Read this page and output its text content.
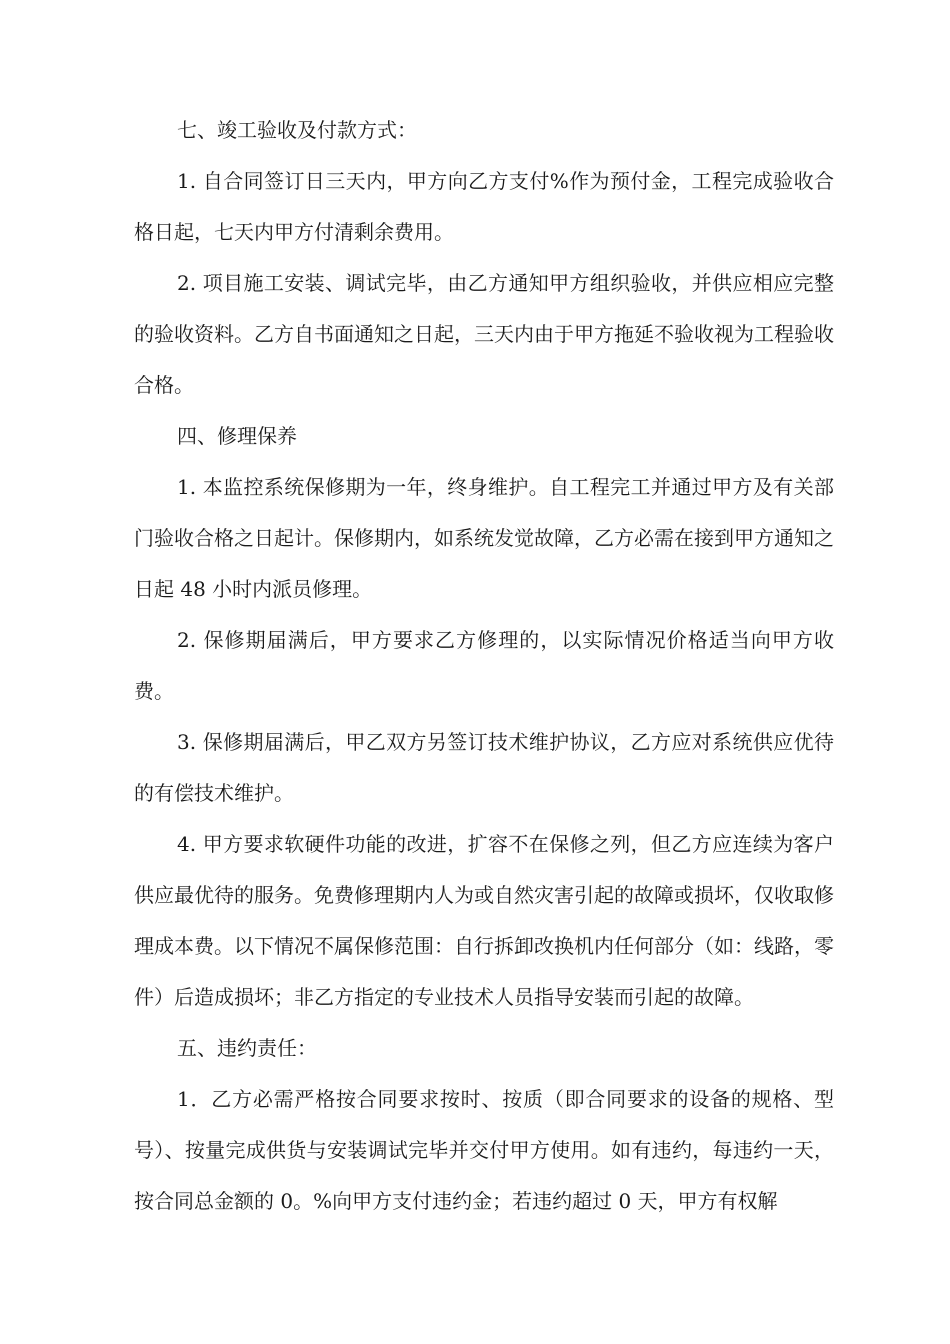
七、竣工验收及付款方式：

1. 自合同签订日三天内，甲方向乙方支付%作为预付金，工程完成验收合格日起，七天内甲方付清剩余费用。

2. 项目施工安装、调试完毕，由乙方通知甲方组织验收，并供应相应完整的验收资料。乙方自书面通知之日起，三天内由于甲方拖延不验收视为工程验收合格。

四、修理保养

1. 本监控系统保修期为一年，终身维护。自工程完工并通过甲方及有关部门验收合格之日起计。保修期内，如系统发觉故障，乙方必需在接到甲方通知之日起 48 小时内派员修理。

2. 保修期届满后，甲方要求乙方修理的，以实际情况价格适当向甲方收费。

3. 保修期届满后，甲乙双方另签订技术维护协议，乙方应对系统供应优待的有偿技术维护。

4. 甲方要求软硬件功能的改进，扩容不在保修之列，但乙方应连续为客户供应最优待的服务。免费修理期内人为或自然灾害引起的故障或损坏，仅收取修理成本费。以下情况不属保修范围：自行拆卸改换机内任何部分（如：线路，零件）后造成损坏；非乙方指定的专业技术人员指导安装而引起的故障。

五、违约责任：

1．乙方必需严格按合同要求按时、按质（即合同要求的设备的规格、型号）、按量完成供货与安装调试完毕并交付甲方使用。如有违约，每违约一天，按合同总金额的 0。%向甲方支付违约金；若违约超过 0 天，甲方有权解
